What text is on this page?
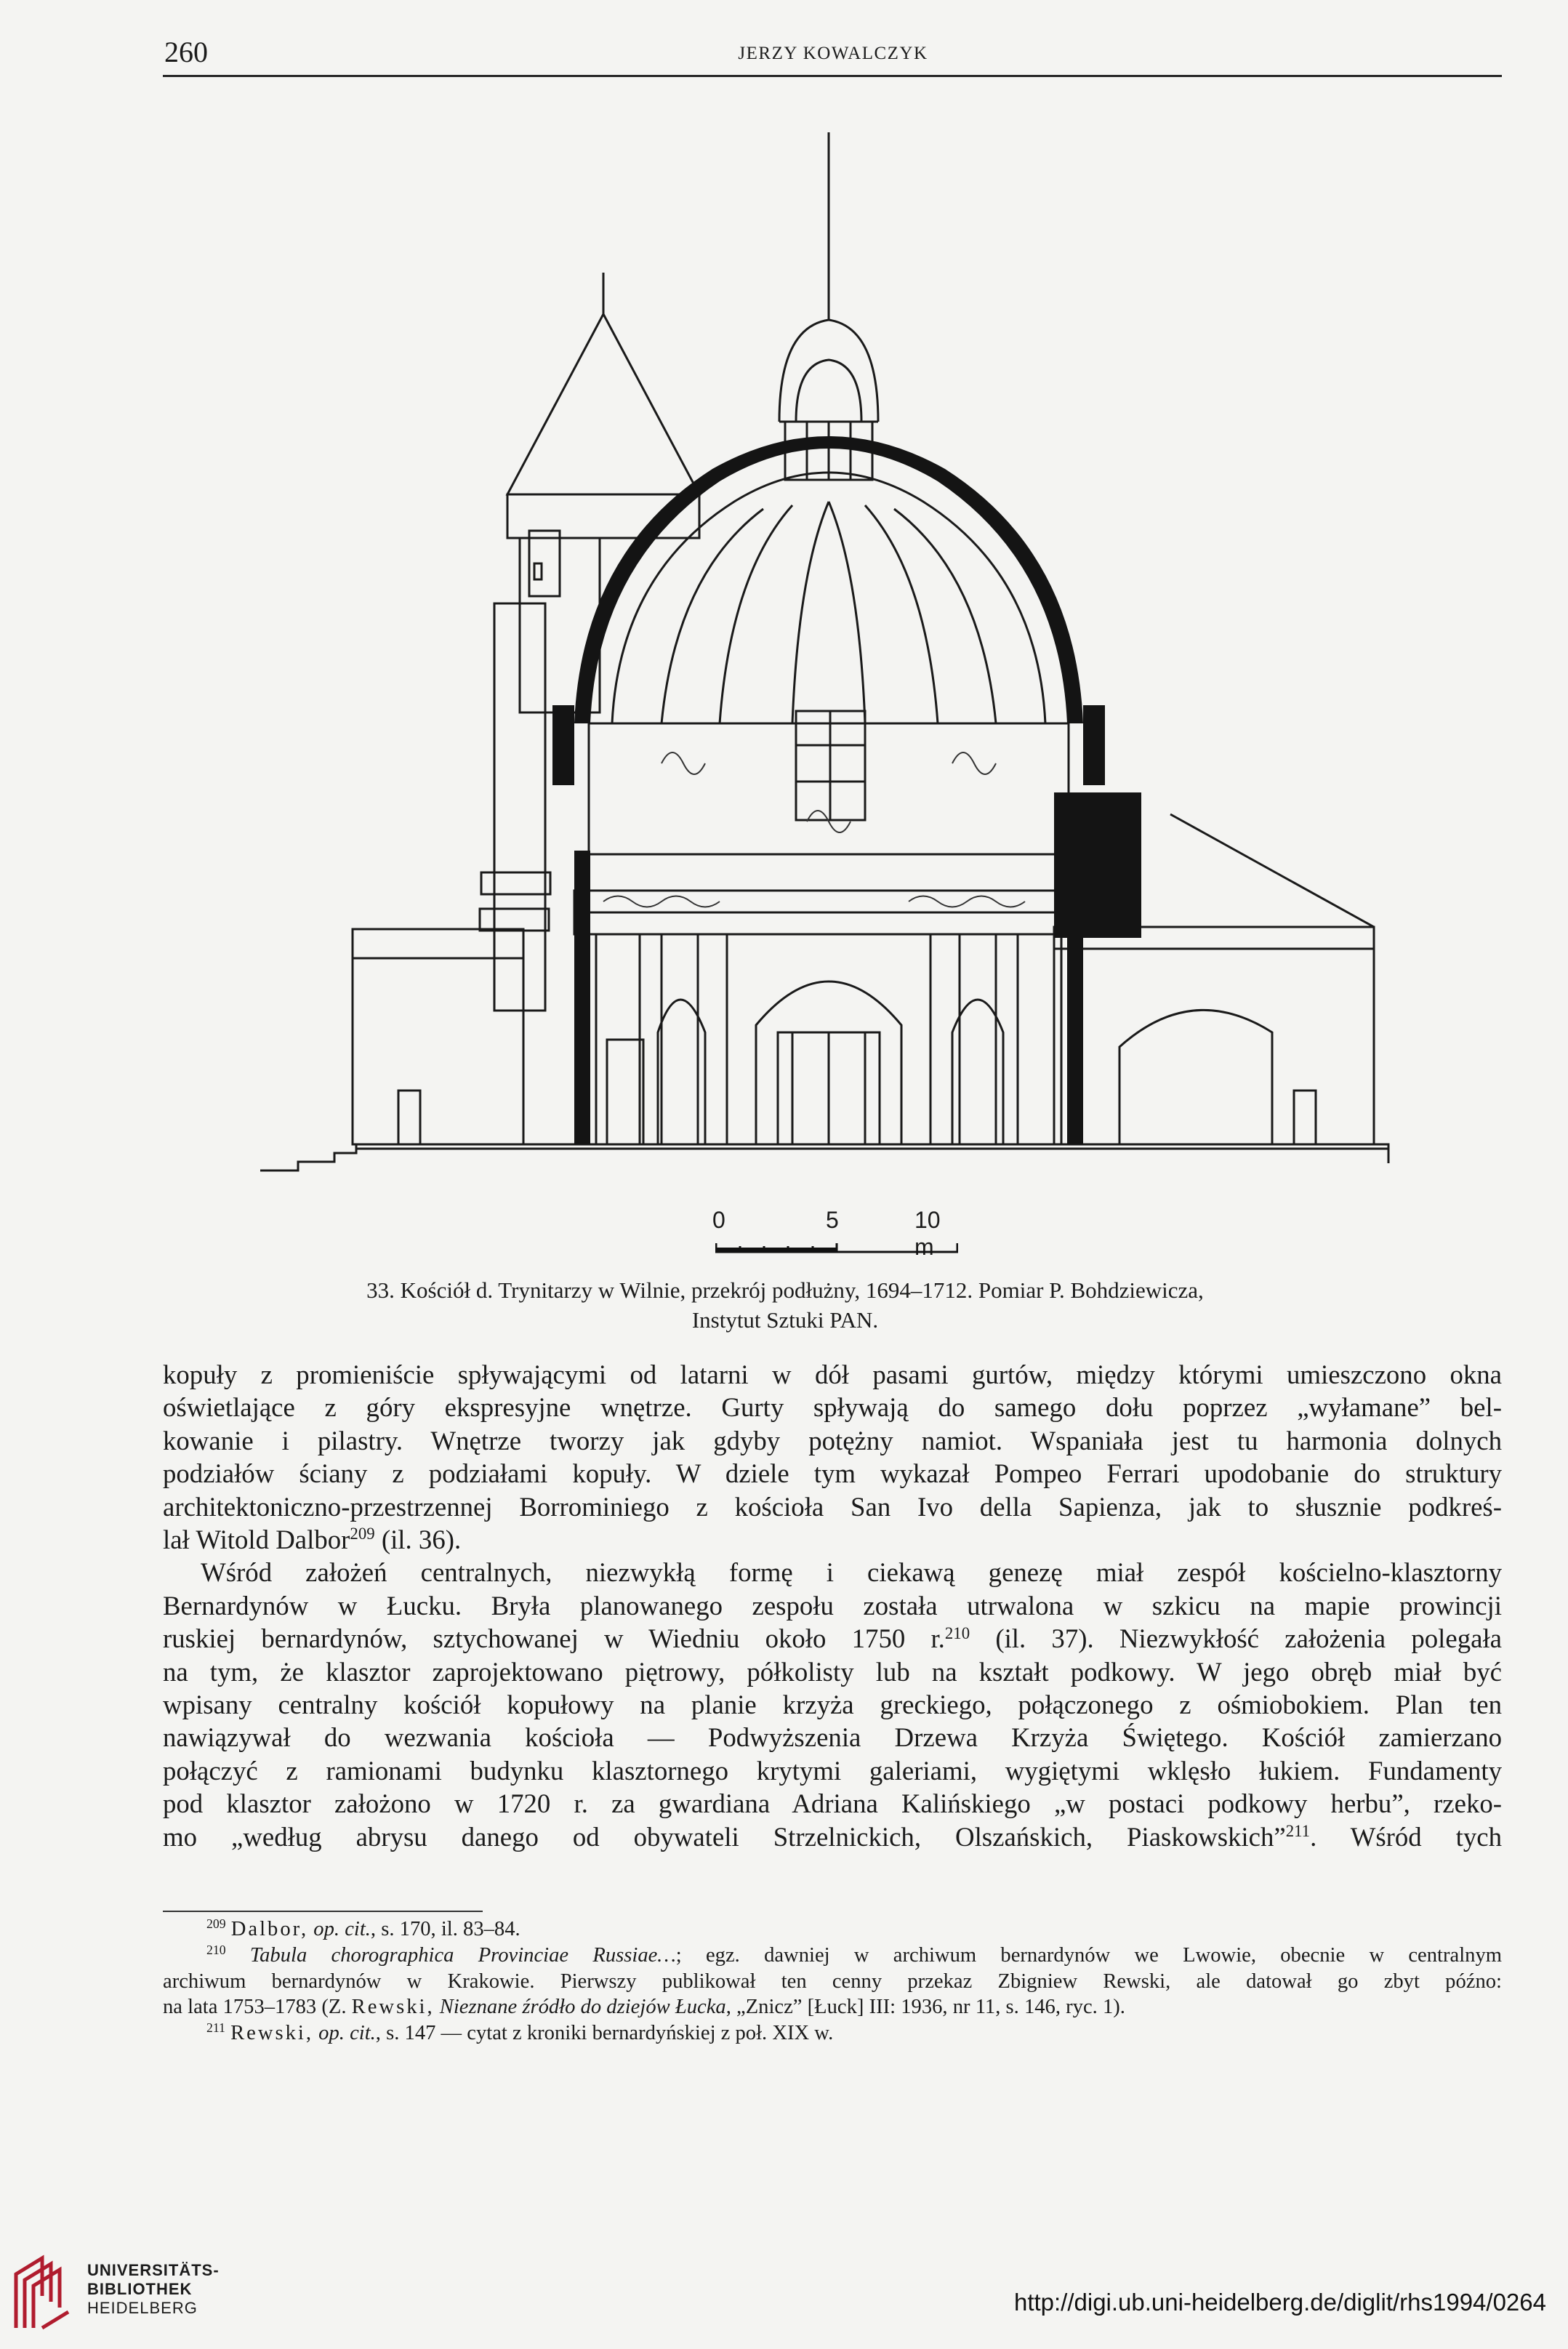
260	JERZY KOWALCZYK
0	5	10 m
33. Kościół d. Trynitarzy w Wilnie, przekrój podłużny, 1694–1712. Pomiar P. Bohdziewicza,
Instytut Sztuki PAN.
kopuły z promieniście spływającymi od latarni w dół pasami gurtów, między którymi umieszczono okna
oświetlające z góry ekspresyjne wnętrze. Gurty spływają do samego dołu poprzez „wyłamane” bel-
kowanie i pilastry. Wnętrze tworzy jak gdyby potężny namiot. Wspaniała jest tu harmonia dolnych
podziałów ściany z podziałami kopuły. W dziele tym wykazał Pompeo Ferrari upodobanie do struktury
architektoniczno-przestrzennej Borrominiego z kościoła San Ivo della Sapienza, jak to słusznie podkreś-
lał Witold Dalbor$^{209}$ (il. 36).
Wśród założeń centralnych, niezwykłą formę i ciekawą genezę miał zespół kościelno-klasztorny
Bernardynów w Łucku. Bryła planowanego zespołu została utrwalona w szkicu na mapie prowincji
ruskiej bernardynów, sztychowanej w Wiedniu około 1750 r.$^{210}$ (il. 37). Niezwykłość założenia polegała
na tym, że klasztor zaprojektowano piętrowy, półkolisty lub na kształt podkowy. W jego obręb miał być
wpisany centralny kościół kopułowy na planie krzyża greckiego, połączonego z ośmiobokiem. Plan ten
nawiązywał do wezwania kościoła — Podwyższenia Drzewa Krzyża Świętego. Kościół zamierzano
połączyć z ramionami budynku klasztornego krytymi galeriami, wygiętymi wklęsło łukiem. Fundamenty
pod klasztor założono w 1720 r. za gwardiana Adriana Kalińskiego „w postaci podkowy herbu”, rzeko-
mo „według abrysu danego od obywateli Strzelnickich, Olszańskich, Piaskowskich”$^{211}$. Wśród tych
$^{209}$ Dalbor, op. cit., s. 170, il. 83–84.
$^{210}$ Tabula chorographica Provinciae Russiae…; egz. dawniej w archiwum bernardynów we Lwowie, obecnie w centralnym
archiwum bernardynów w Krakowie. Pierwszy publikował ten cenny przekaz Zbigniew Rewski, ale datował go zbyt późno:
na lata 1753–1783 (Z. Rewski, Nieznane źródło do dziejów Łucka, „Znicz” [Łuck] III: 1936, nr 11, s. 146, ryc. 1).
$^{211}$ Rewski, op. cit., s. 147 — cytat z kroniki bernardyńskiej z poł. XIX w.
UNIVERSITÄTS-
BIBLIOTHEK
HEIDELBERG	http://digi.ub.uni-heidelberg.de/diglit/rhs1994/0264
